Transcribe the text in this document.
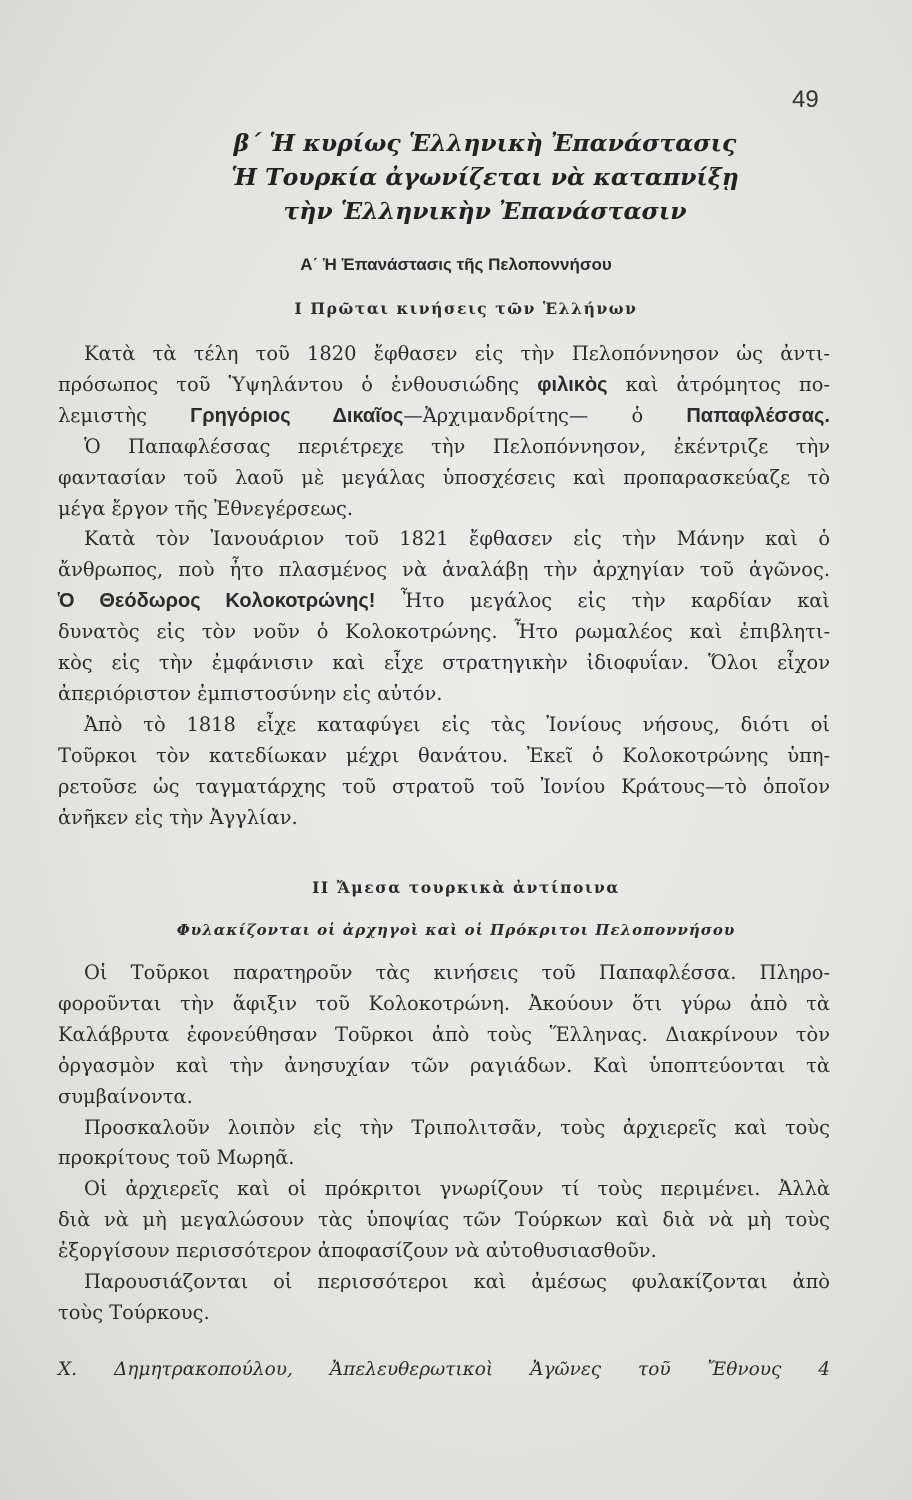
49
β΄ Ἡ κυρίως Ἑλληνικὴ Ἐπανάστασις
Ἡ Τουρκία ἀγωνίζεται νὰ καταπνίξῃ
τὴν Ἑλληνικὴν Ἐπανάστασιν
Α΄ Ἡ Ἐπανάστασις τῆς Πελοποννήσου
I Πρῶται κινήσεις τῶν Ἑλλήνων
Κατὰ τὰ τέλη τοῦ 1820 ἔφθασεν εἰς τὴν Πελοπόννησον ὡς ἀντι-
πρόσωπος τοῦ Ὑψηλάντου ὁ ἐνθουσιώδης φιλικὸς καὶ ἀτρόμητος πο-
λεμιστὴς Γρηγόριος Δικαῖος—Ἀρχιμανδρίτης— ὁ Παπαφλέσσας.
Ὁ Παπαφλέσσας περιέτρεχε τὴν Πελοπόννησον, ἐκέντριζε τὴν
φαντασίαν τοῦ λαοῦ μὲ μεγάλας ὑποσχέσεις καὶ προπαρασκεύαζε τὸ
μέγα ἔργον τῆς Ἐθνεγέρσεως.
Κατὰ τὸν Ἰανουάριον τοῦ 1821 ἔφθασεν εἰς τὴν Μάνην καὶ ὁ
ἄνθρωπος, ποὺ ἦτο πλασμένος νὰ ἀναλάβῃ τὴν ἀρχηγίαν τοῦ ἀγῶνος.
Ὁ Θεόδωρος Κολοκοτρώνης! Ἦτο μεγάλος εἰς τὴν καρδίαν καὶ
δυνατὸς εἰς τὸν νοῦν ὁ Κολοκοτρώνης. Ἦτο ρωμαλέος καὶ ἐπιβλητι-
κὸς εἰς τὴν ἐμφάνισιν καὶ εἶχε στρατηγικὴν ἰδιοφυΐαν. Ὅλοι εἶχον
ἀπεριόριστον ἐμπιστοσύνην εἰς αὐτόν.
Ἀπὸ τὸ 1818 εἶχε καταφύγει εἰς τὰς Ἰονίους νήσους, διότι οἱ
Τοῦρκοι τὸν κατεδίωκαν μέχρι θανάτου. Ἐκεῖ ὁ Κολοκοτρώνης ὑπη-
ρετοῦσε ὡς ταγματάρχης τοῦ στρατοῦ τοῦ Ἰονίου Κράτους—τὸ ὁποῖον
ἀνῆκεν εἰς τὴν Ἀγγλίαν.
II Ἄμεσα τουρκικὰ ἀντίποινα
Φυλακίζονται οἱ ἀρχηγοὶ καὶ οἱ Πρόκριτοι Πελοποννήσου
Οἱ Τοῦρκοι παρατηροῦν τὰς κινήσεις τοῦ Παπαφλέσσα. Πληρο-
φοροῦνται τὴν ἄφιξιν τοῦ Κολοκοτρώνη. Ἀκούουν ὅτι γύρω ἀπὸ τὰ
Καλάβρυτα ἐφονεύθησαν Τοῦρκοι ἀπὸ τοὺς Ἕλληνας. Διακρίνουν τὸν
ὀργασμὸν καὶ τὴν ἀνησυχίαν τῶν ραγιάδων. Καὶ ὑποπτεύονται τὰ
συμβαίνοντα.
Προσκαλοῦν λοιπὸν εἰς τὴν Τριπολιτσᾶν, τοὺς ἀρχιερεῖς καὶ τοὺς
προκρίτους τοῦ Μωρηᾶ.
Οἱ ἀρχιερεῖς καὶ οἱ πρόκριτοι γνωρίζουν τί τοὺς περιμένει. Ἀλλὰ
διὰ νὰ μὴ μεγαλώσουν τὰς ὑποψίας τῶν Τούρκων καὶ διὰ νὰ μὴ τοὺς
ἐξοργίσουν περισσότερον ἀποφασίζουν νὰ αὐτοθυσιασθοῦν.
Παρουσιάζονται οἱ περισσότεροι καὶ ἀμέσως φυλακίζονται ἀπὸ
τοὺς Τούρκους.
Χ. Δημητρακοπούλου, Ἀπελευθερωτικοὶ Ἀγῶνες τοῦ Ἔθνους 4
